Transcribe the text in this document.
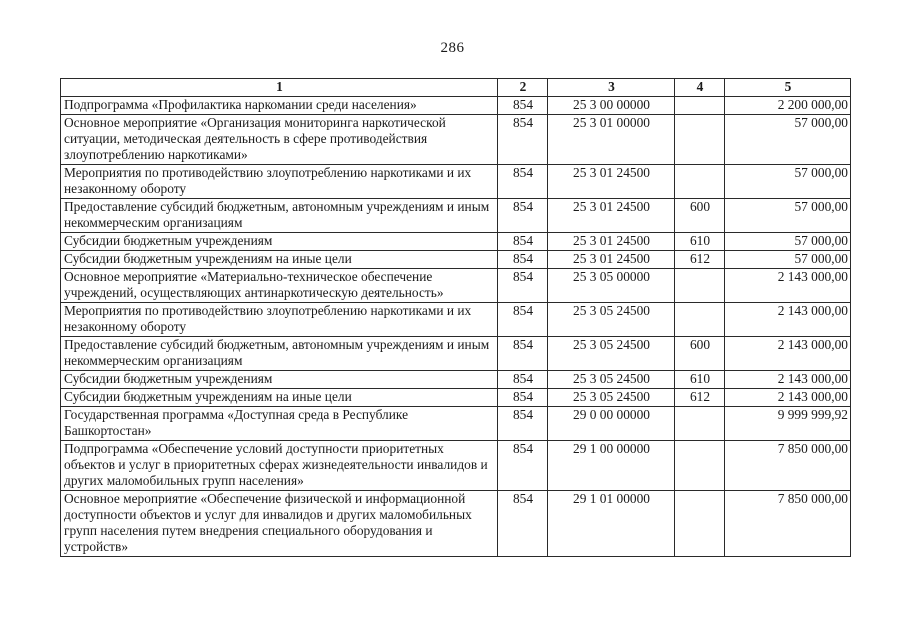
286
1	2	3	4	5
Подпрограмма «Профилактика наркомании среди населения»	854	25 3 00 00000		2 200 000,00
Основное мероприятие «Организация мониторинга наркотической ситуации, методическая деятельность в сфере противодействия злоупотреблению наркотиками»	854	25 3 01 00000		57 000,00
Мероприятия по противодействию злоупотреблению наркотиками и их незаконному обороту	854	25 3 01 24500		57 000,00
Предоставление субсидий бюджетным, автономным учреждениям и иным некоммерческим организациям	854	25 3 01 24500	600	57 000,00
Субсидии бюджетным учреждениям	854	25 3 01 24500	610	57 000,00
Субсидии бюджетным учреждениям на иные цели	854	25 3 01 24500	612	57 000,00
Основное мероприятие «Материально-техническое обеспечение учреждений, осуществляющих антинаркотическую деятельность»	854	25 3 05 00000		2 143 000,00
Мероприятия по противодействию злоупотреблению наркотиками и их незаконному обороту	854	25 3 05 24500		2 143 000,00
Предоставление субсидий бюджетным, автономным учреждениям и иным некоммерческим организациям	854	25 3 05 24500	600	2 143 000,00
Субсидии бюджетным учреждениям	854	25 3 05 24500	610	2 143 000,00
Субсидии бюджетным учреждениям на иные цели	854	25 3 05 24500	612	2 143 000,00
Государственная программа «Доступная среда в Республике Башкортостан»	854	29 0 00 00000		9 999 999,92
Подпрограмма «Обеспечение условий доступности приоритетных объектов и услуг в приоритетных сферах жизнедеятельности инвалидов и других маломобильных групп населения»	854	29 1 00 00000		7 850 000,00
Основное мероприятие «Обеспечение физической и информационной доступности объектов и услуг для инвалидов и других маломобильных групп населения путем внедрения специального оборудования и устройств»	854	29 1 01 00000		7 850 000,00
